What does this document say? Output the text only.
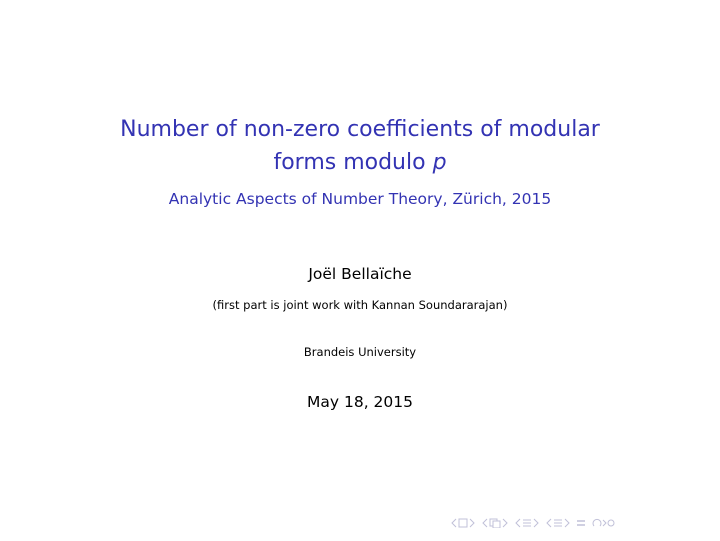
Number of non-zero coefficients of modular
forms modulo p
Analytic Aspects of Number Theory, Zürich, 2015
Joël Bellaïche
(first part is joint work with Kannan Soundararajan)
Brandeis University
May 18, 2015
